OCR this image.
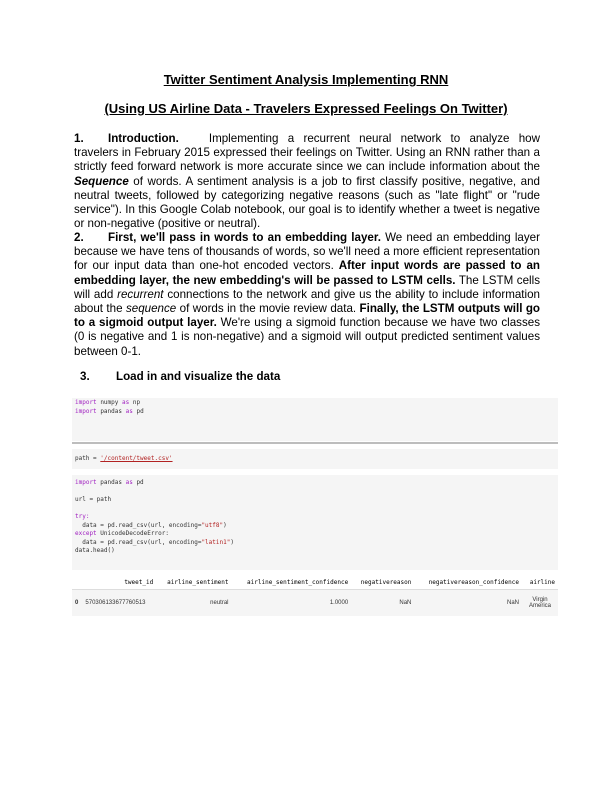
Twitter Sentiment Analysis Implementing RNN
(Using US Airline Data - Travelers Expressed Feelings On Twitter)
1. Introduction.	Implementing a recurrent neural network to analyze how travelers in February 2015 expressed their feelings on Twitter. Using an RNN rather than a strictly feed forward network is more accurate since we can include information about the Sequence of words. A sentiment analysis is a job to first classify positive, negative, and neutral tweets, followed by categorizing negative reasons (such as "late flight" or "rude service"). In this Google Colab notebook, our goal is to identify whether a tweet is negative or non-negative (positive or neutral).
2. First, we'll pass in words to an embedding layer. We need an embedding layer because we have tens of thousands of words, so we'll need a more efficient representation for our input data than one-hot encoded vectors. After input words are passed to an embedding layer, the new embedding's will be passed to LSTM cells. The LSTM cells will add recurrent connections to the network and give us the ability to include information about the sequence of words in the movie review data. Finally, the LSTM outputs will go to a sigmoid output layer. We're using a sigmoid function because we have two classes (0 is negative and 1 is non-negative) and a sigmoid will output predicted sentiment values between 0-1.
3. Load in and visualize the data
import numpy as np
import pandas as pd
path = '/content/tweet.csv'
import pandas as pd

url = path

try:
data = pd.read_csv(url, encoding="utf8")
except UnicodeDecodeError:
data = pd.read_csv(url, encoding="latin1")
data.head()
	tweet_id	airline_sentiment	airline_sentiment_confidence	negativereason	negativereason_confidence	airline
0	570306133677760513	neutral	1.0000	NaN	NaN	Virgin America
